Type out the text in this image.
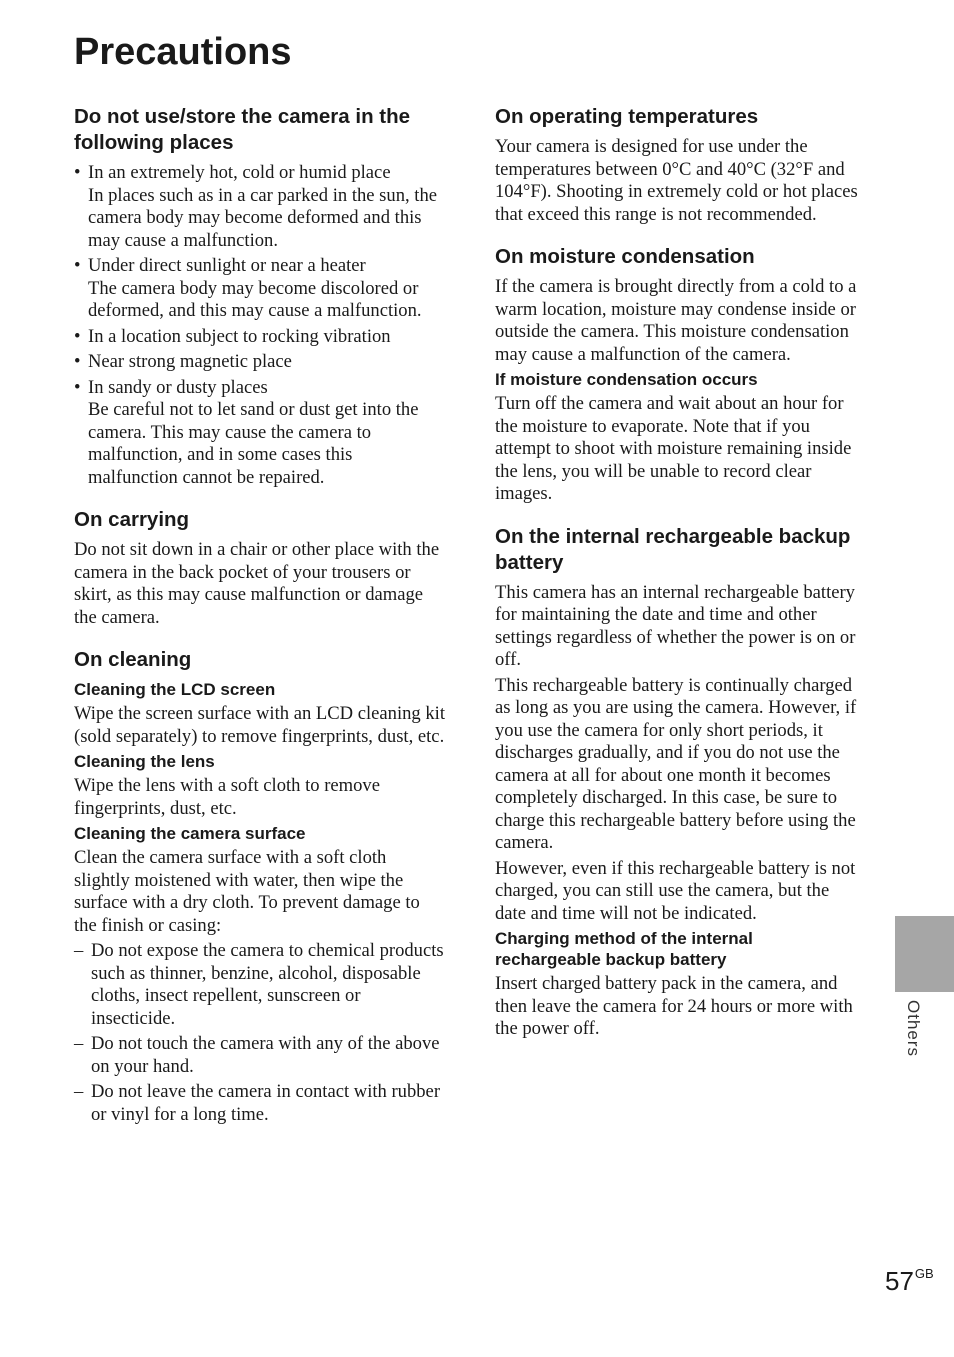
Precautions
Do not use/store the camera in the following places
• In an extremely hot, cold or humid place
In places such as in a car parked in the sun, the camera body may become deformed and this may cause a malfunction.
• Under direct sunlight or near a heater
The camera body may become discolored or deformed, and this may cause a malfunction.
• In a location subject to rocking vibration
• Near strong magnetic place
• In sandy or dusty places
Be careful not to let sand or dust get into the camera. This may cause the camera to malfunction, and in some cases this malfunction cannot be repaired.
On carrying

Do not sit down in a chair or other place with the camera in the back pocket of your trousers or skirt, as this may cause malfunction or damage the camera.

On cleaning
Cleaning the LCD screen

Wipe the screen surface with an LCD cleaning kit (sold separately) to remove fingerprints, dust, etc.

Cleaning the lens

Wipe the lens with a soft cloth to remove fingerprints, dust, etc.

Cleaning the camera surface

Clean the camera surface with a soft cloth slightly moistened with water, then wipe the surface with a dry cloth. To prevent damage to the finish or casing:

– Do not expose the camera to chemical products such as thinner, benzine, alcohol, disposable cloths, insect repellent, sunscreen or insecticide.
– Do not touch the camera with any of the above on your hand.
– Do not leave the camera in contact with rubber or vinyl for a long time.
On operating temperatures

Your camera is designed for use under the temperatures between 0°C and 40°C (32°F and 104°F). Shooting in extremely cold or hot places that exceed this range is not recommended.

On moisture condensation

If the camera is brought directly from a cold to a warm location, moisture may condense inside or outside the camera. This moisture condensation may cause a malfunction of the camera.

If moisture condensation occurs

Turn off the camera and wait about an hour for the moisture to evaporate. Note that if you attempt to shoot with moisture remaining inside the lens, you will be unable to record clear images.

On the internal rechargeable backup battery

This camera has an internal rechargeable battery for maintaining the date and time and other settings regardless of whether the power is on or off.

This rechargeable battery is continually charged as long as you are using the camera. However, if you use the camera for only short periods, it discharges gradually, and if you do not use the camera at all for about one month it becomes completely discharged. In this case, be sure to charge this rechargeable battery before using the camera.

However, even if this rechargeable battery is not charged, you can still use the camera, but the date and time will not be indicated.

Charging method of the internal rechargeable backup battery

Insert charged battery pack in the camera, and then leave the camera for 24 hours or more with the power off.	Others
$57^{GB}$
